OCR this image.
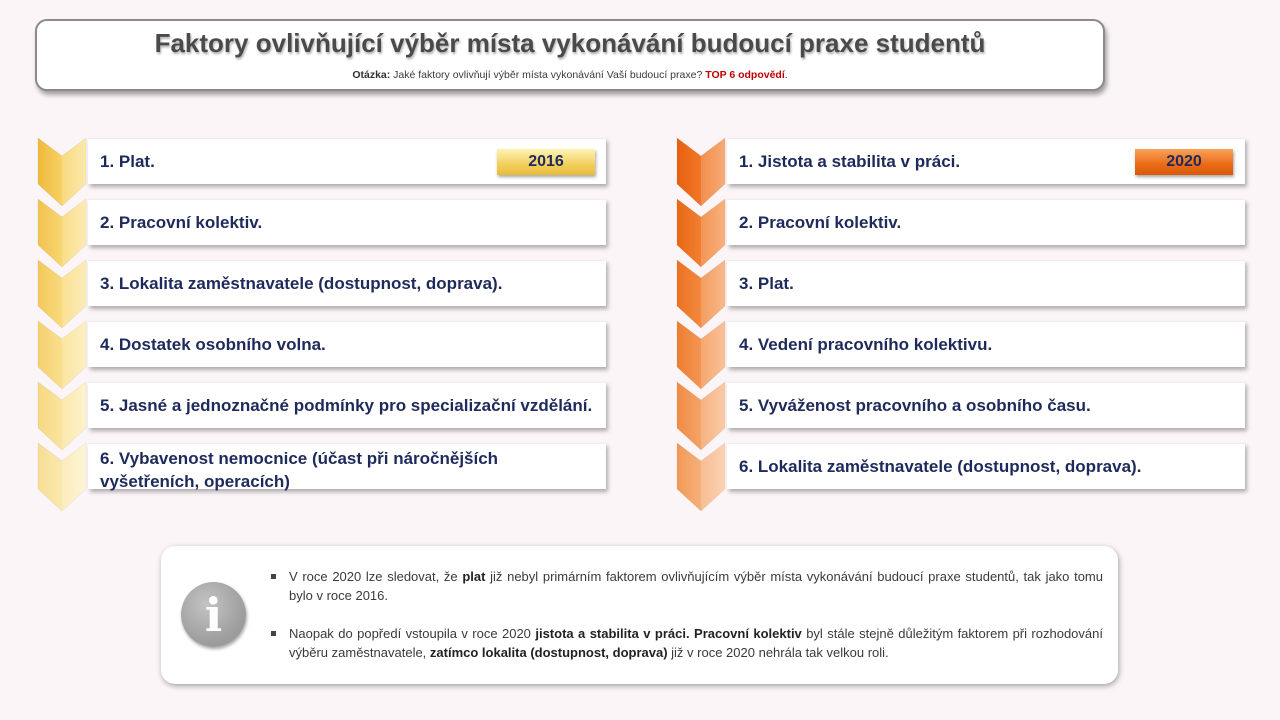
Faktory ovlivňující výběr místa vykonávání budoucí praxe studentů
Otázka: Jaké faktory ovlivňují výběr místa vykonávání Vaší budoucí praxe? TOP 6 odpovědí.
1. Plat.	2016
2. Pracovní kolektiv.
3. Lokalita zaměstnavatele (dostupnost, doprava).
4. Dostatek osobního volna.
5. Jasné a jednoznačné podmínky pro specializační vzdělání.
6. Vybavenost nemocnice (účast při náročnějších vyšetřeních, operacích)
1. Jistota a stabilita v práci.	2020
2. Pracovní kolektiv.
3. Plat.
4. Vedení pracovního kolektivu.
5. Vyváženost pracovního a osobního času.
6. Lokalita zaměstnavatele (dostupnost, doprava).
i
V roce 2020 lze sledovat, že plat již nebyl primárním faktorem ovlivňujícím výběr místa vykonávání budoucí praxe studentů, tak jako tomu bylo v roce 2016.
Naopak do popředí vstoupila v roce 2020 jistota a stabilita v práci. Pracovní kolektiv byl stále stejně důležitým faktorem při rozhodování výběru zaměstnavatele, zatímco lokalita (dostupnost, doprava) již v roce 2020 nehrála tak velkou roli.
